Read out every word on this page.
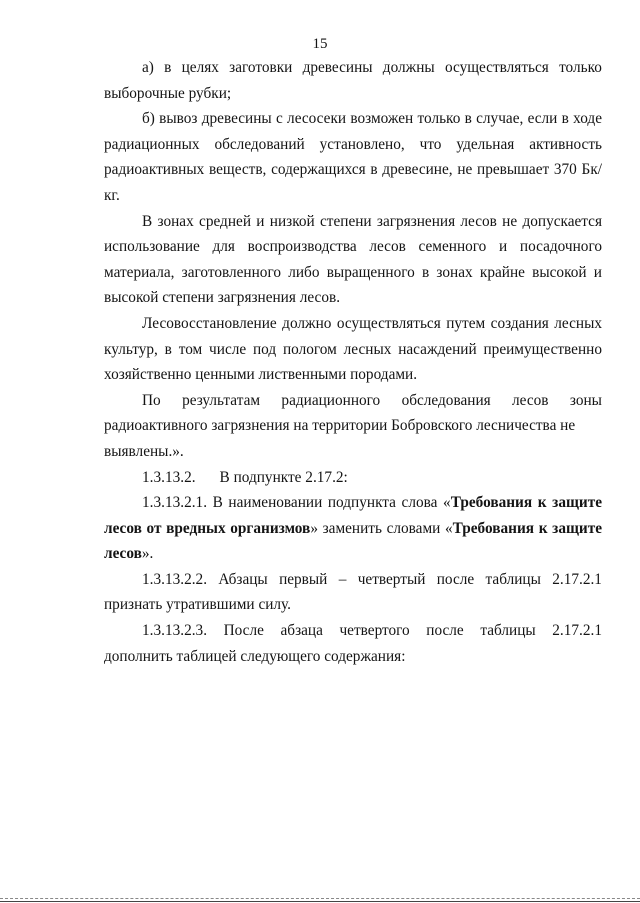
15
а) в целях заготовки древесины должны осуществляться только
выборочные рубки;

б) вывоз древесины с лесосеки возможен только в случае, если в ходе радиационных обследований установлено, что удельная активность радиоактивных веществ, содержащихся в древесине, не превышает 370 Бк/кг.

В зонах средней и низкой степени загрязнения лесов не допускается использование для воспроизводства лесов семенного и посадочного материала, заготовленного либо выращенного в зонах крайне высокой и высокой степени загрязнения лесов.

Лесовосстановление должно осуществляться путем создания лесных культур, в том числе под пологом лесных насаждений преимущественно хозяйственно ценными лиственными породами.

По результатам радиационного обследования лесов зоны
радиоактивного загрязнения на территории Бобровского лесничества не
выявлены.».
1.3.13.2. В подпункте 2.17.2:

1.3.13.2.1. В наименовании подпункта слова «Требования к защите лесов от вредных организмов» заменить словами «Требования к защите лесов».

1.3.13.2.2. Абзацы первый – четвертый после таблицы 2.17.2.1
признать утратившими силу.
1.3.13.2.3. После абзаца четвертого после таблицы 2.17.2.1
дополнить таблицей следующего содержания:
